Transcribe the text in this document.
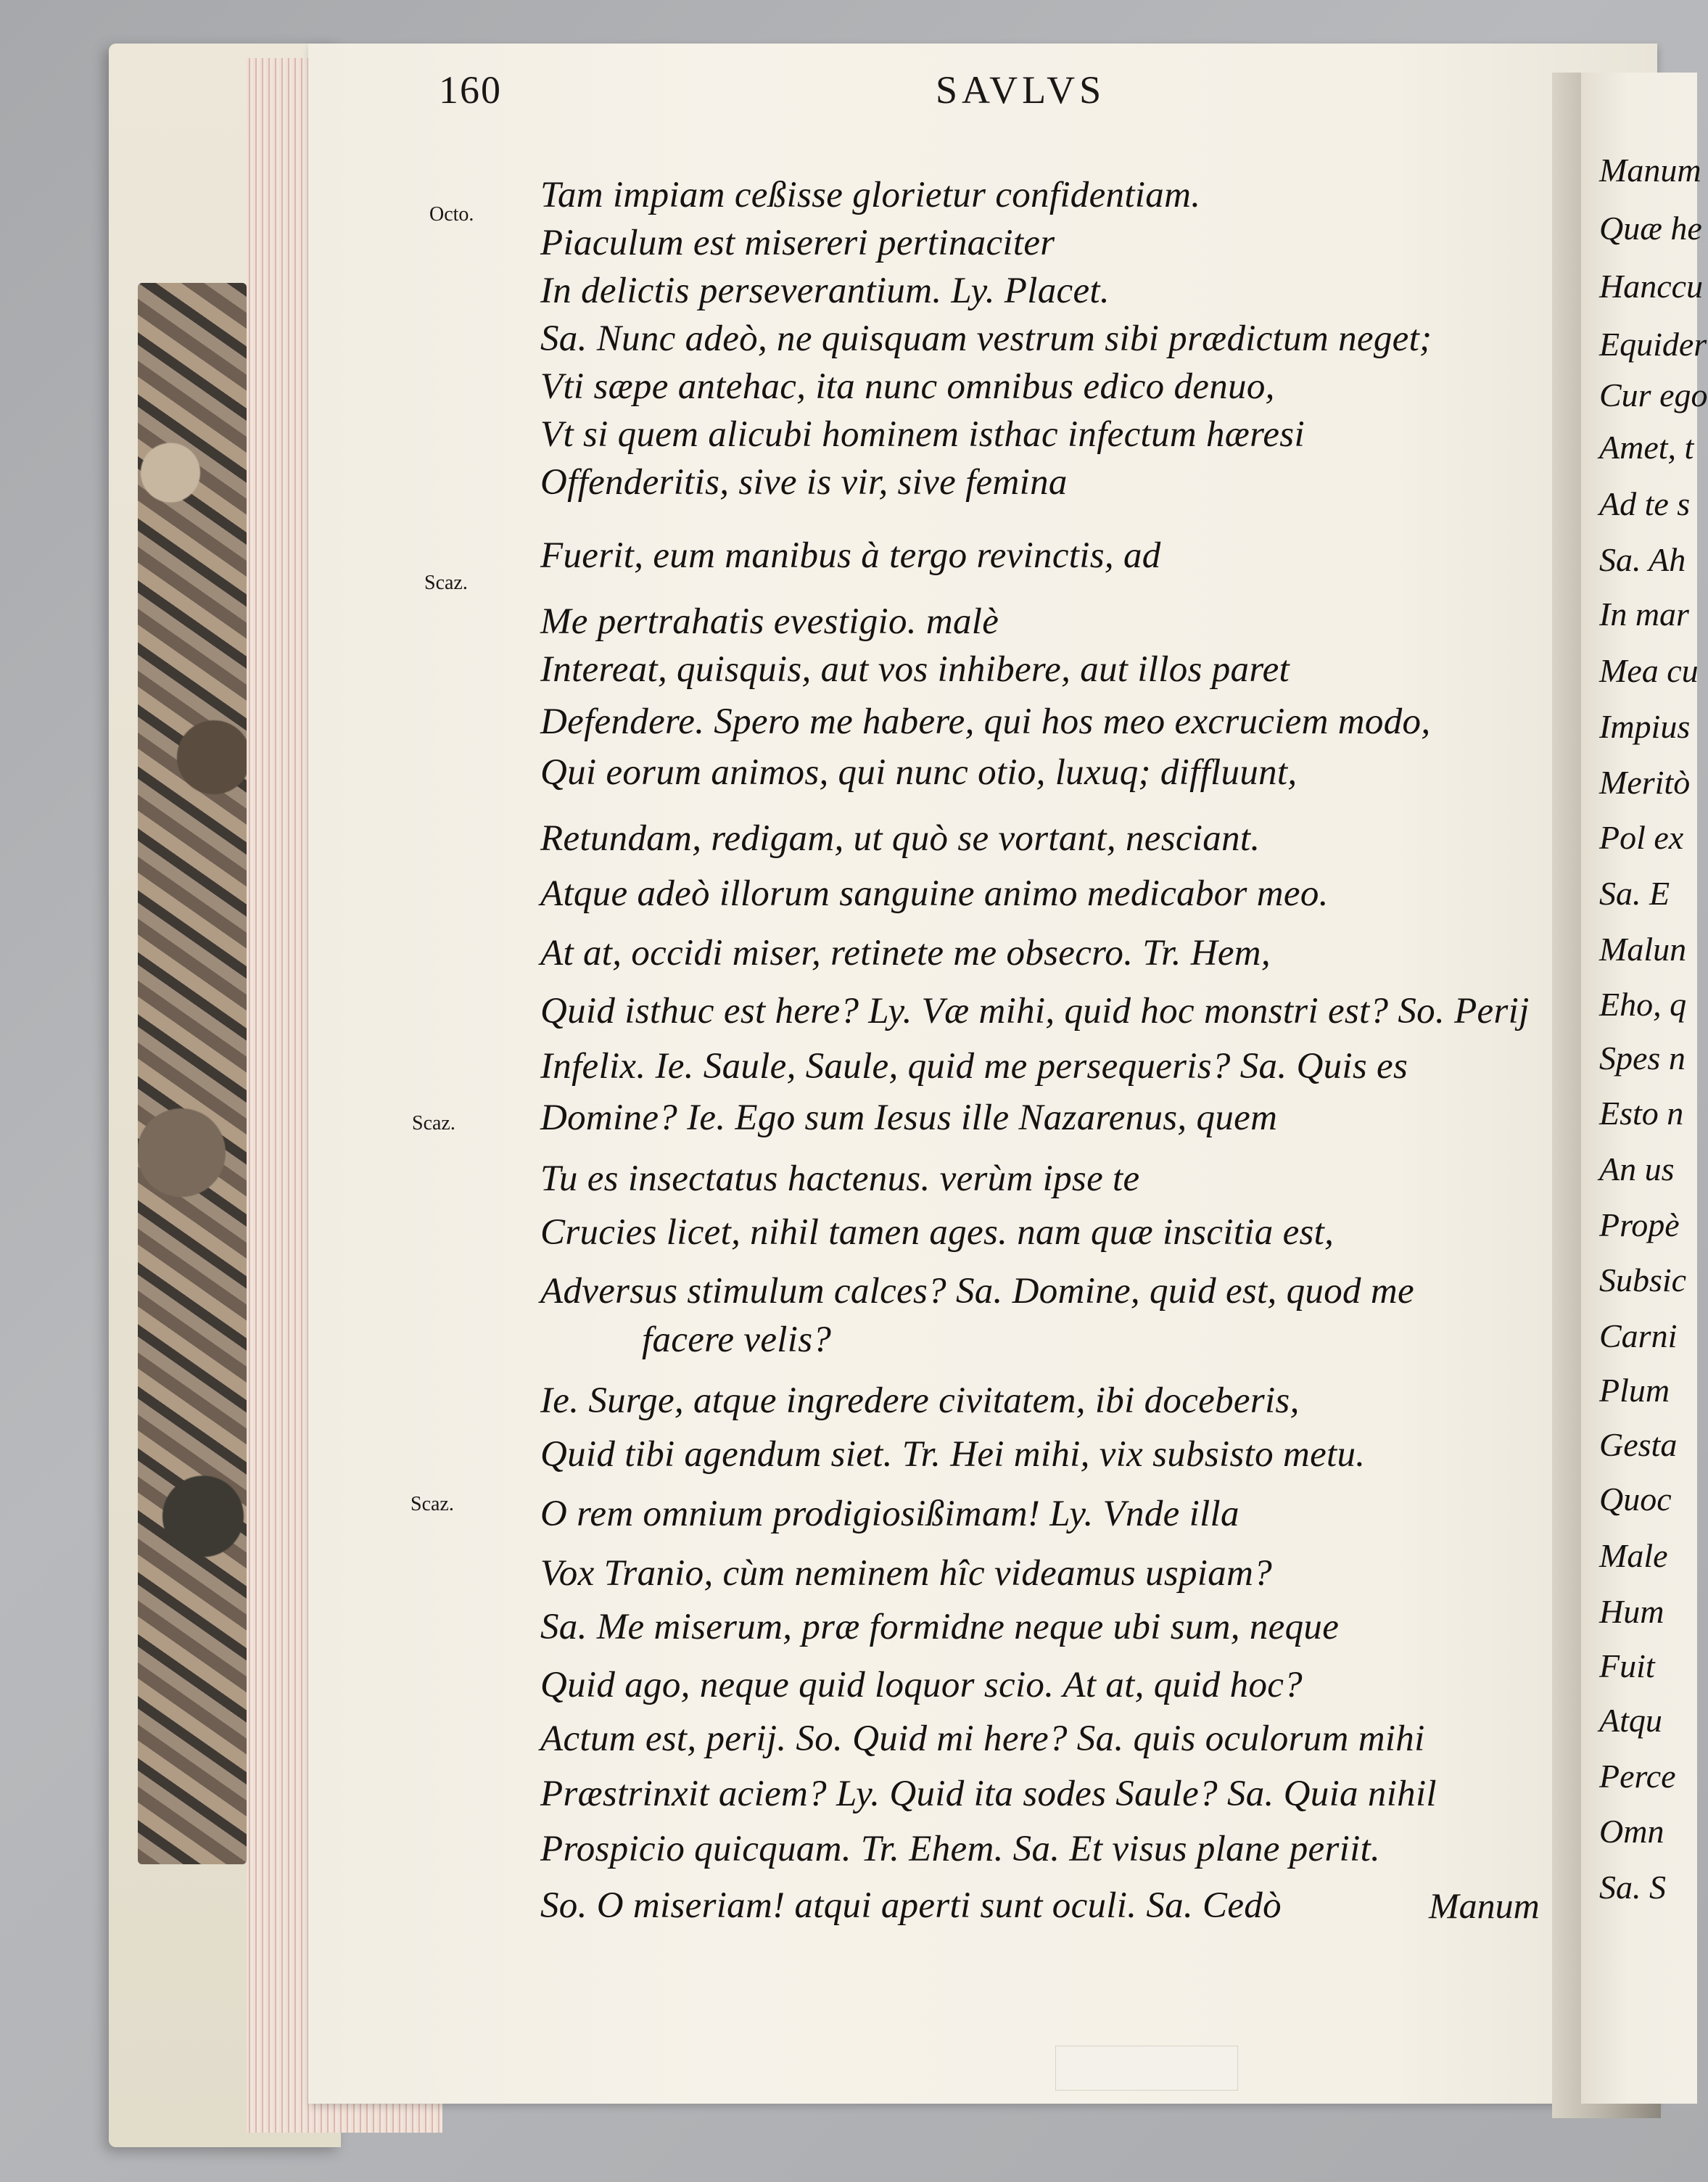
160	SAVLVS
Octo.
Scaz.
Scaz.
Scaz.
Tam impiam ceßisse glorietur confidentiam.
Piaculum est misereri pertinaciter
In delictis perseverantium. Ly. Placet.
Sa. Nunc adeò, ne quisquam vestrum sibi prædictum neget;
Vti sæpe antehac, ita nunc omnibus edico denuo,
Vt si quem alicubi hominem isthac infectum hæresi
Offenderitis, sive is vir, sive femina
Fuerit, eum manibus à tergo revinctis, ad
Me pertrahatis evestigio. malè
Intereat, quisquis, aut vos inhibere, aut illos paret
Defendere. Spero me habere, qui hos meo excruciem modo,
Qui eorum animos, qui nunc otio, luxuq; diffluunt,
Retundam, redigam, ut quò se vortant, nesciant.
Atque adeò illorum sanguine animo medicabor meo.
At at, occidi miser, retinete me obsecro. Tr. Hem,
Quid isthuc est here? Ly. Væ mihi, quid hoc monstri est? So. Perij
Infelix. Ie. Saule, Saule, quid me persequeris? Sa. Quis es
Domine? Ie. Ego sum Iesus ille Nazarenus, quem
Tu es insectatus hactenus. verùm ipse te
Crucies licet, nihil tamen ages. nam quæ inscitia est,
Adversus stimulum calces? Sa. Domine, quid est, quod me
facere velis?
Ie. Surge, atque ingredere civitatem, ibi doceberis,
Quid tibi agendum siet. Tr. Hei mihi, vix subsisto metu.
O rem omnium prodigiosißimam! Ly. Vnde illa
Vox Tranio, cùm neminem hîc videamus uspiam?
Sa. Me miserum, præ formidne neque ubi sum, neque
Quid ago, neque quid loquor scio. At at, quid hoc?
Actum est, perij. So. Quid mi here? Sa. quis oculorum mihi
Præstrinxit aciem? Ly. Quid ita sodes Saule? Sa. Quia nihil
Prospicio quicquam. Tr. Ehem. Sa. Et visus plane periit.
So. O miseriam! atqui aperti sunt oculi. Sa. Cedò	Manum
Manum
Quæ he
Hanccu
Equider
Cur ego
Amet, t
Ad te s
Sa. Ah
In mar
Mea cu
Impius
Meritò
Pol ex
Sa. E
Malun
Eho, q
Spes n
Esto n
An us
Propè
Subsic
Carni
Plum
Gesta
Quoc
Male
Hum
Fuit
Atqu
Perce
Omn
Sa. S
